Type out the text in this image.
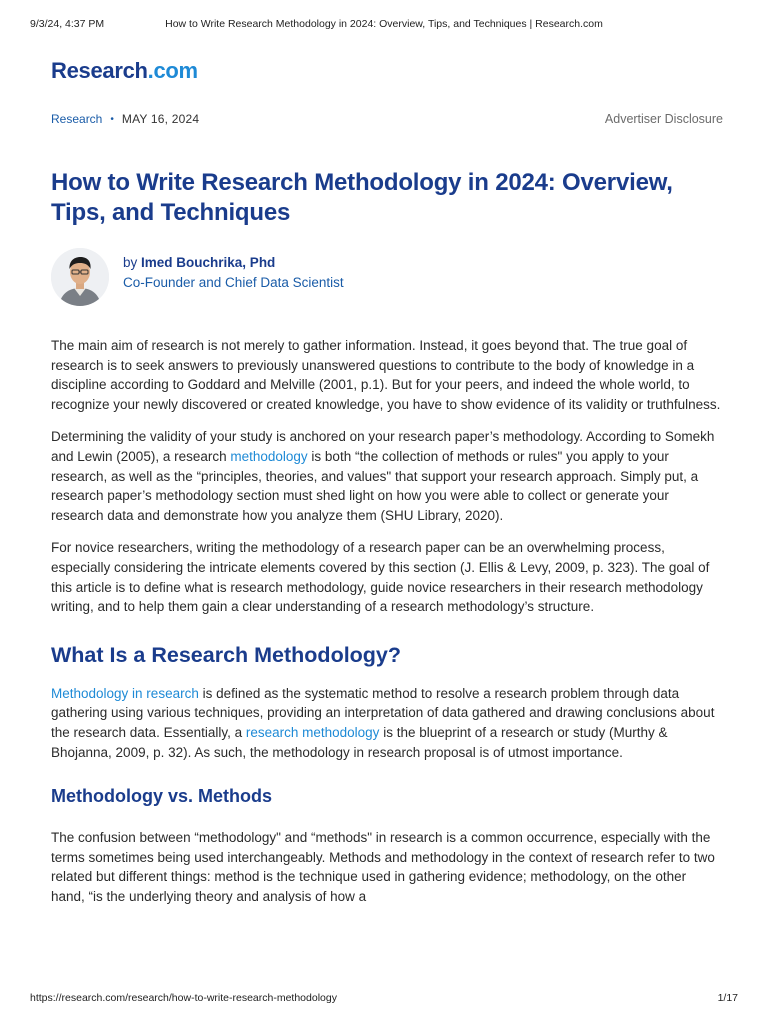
9/3/24, 4:37 PM	How to Write Research Methodology in 2024: Overview, Tips, and Techniques | Research.com
Research.com
Research • MAY 16, 2024	Advertiser Disclosure
How to Write Research Methodology in 2024: Overview, Tips, and Techniques
by Imed Bouchrika, Phd
Co-Founder and Chief Data Scientist

The main aim of research is not merely to gather information. Instead, it goes beyond that. The true goal of research is to seek answers to previously unanswered questions to contribute to the body of knowledge in a discipline according to Goddard and Melville (2001, p.1). But for your peers, and indeed the whole world, to recognize your newly discovered or created knowledge, you have to show evidence of its validity or truthfulness.

Determining the validity of your study is anchored on your research paper’s methodology. According to Somekh and Lewin (2005), a research methodology is both “the collection of methods or rules" you apply to your research, as well as the “principles, theories, and values" that support your research approach. Simply put, a research paper’s methodology section must shed light on how you were able to collect or generate your research data and demonstrate how you analyze them (SHU Library, 2020).

For novice researchers, writing the methodology of a research paper can be an overwhelming process, especially considering the intricate elements covered by this section (J. Ellis & Levy, 2009, p. 323). The goal of this article is to define what is research methodology, guide novice researchers in their research methodology writing, and to help them gain a clear understanding of a research methodology’s structure.

What Is a Research Methodology?

Methodology in research is defined as the systematic method to resolve a research problem through data gathering using various techniques, providing an interpretation of data gathered and drawing conclusions about the research data. Essentially, a research methodology is the blueprint of a research or study (Murthy & Bhojanna, 2009, p. 32). As such, the methodology in research proposal is of utmost importance.

Methodology vs. Methods

The confusion between “methodology" and “methods" in research is a common occurrence, especially with the terms sometimes being used interchangeably. Methods and methodology in the context of research refer to two related but different things: method is the technique used in gathering evidence; methodology, on the other hand, “is the underlying theory and analysis of how a

https://research.com/research/how-to-write-research-methodology	1/17
